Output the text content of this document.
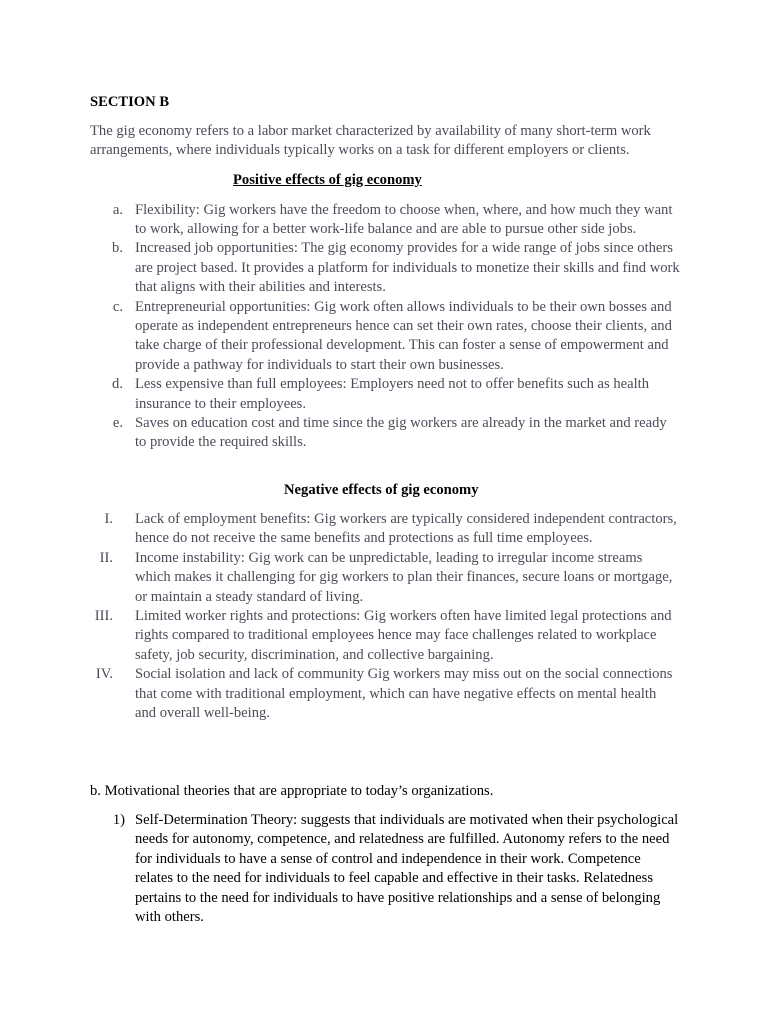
SECTION B

The gig economy refers to a labor market characterized by availability of many short-term work arrangements, where individuals typically works on a task for different employers or clients.

Positive effects of gig economy
a. Flexibility: Gig workers have the freedom to choose when, where, and how much they want to work, allowing for a better work-life balance and are able to pursue other side jobs.
b. Increased job opportunities: The gig economy provides for a wide range of jobs since others are project based. It provides a platform for individuals to monetize their skills and find work that aligns with their abilities and interests.
c. Entrepreneurial opportunities: Gig work often allows individuals to be their own bosses and operate as independent entrepreneurs hence can set their own rates, choose their clients, and take charge of their professional development. This can foster a sense of empowerment and provide a pathway for individuals to start their own businesses.
d. Less expensive than full employees: Employers need not to offer benefits such as health insurance to their employees.
e. Saves on education cost and time since the gig workers are already in the market and ready to provide the required skills.
Negative effects of gig economy
I. Lack of employment benefits: Gig workers are typically considered independent contractors, hence do not receive the same benefits and protections as full time employees.
II. Income instability: Gig work can be unpredictable, leading to irregular income streams which makes it challenging for gig workers to plan their finances, secure loans or mortgage, or maintain a steady standard of living.
III. Limited worker rights and protections: Gig workers often have limited legal protections and rights compared to traditional employees hence may face challenges related to workplace safety, job security, discrimination, and collective bargaining.
IV. Social isolation and lack of community Gig workers may miss out on the social connections that come with traditional employment, which can have negative effects on mental health and overall well-being.
b. Motivational theories that are appropriate to today’s organizations.
1) Self-Determination Theory: suggests that individuals are motivated when their psychological needs for autonomy, competence, and relatedness are fulfilled. Autonomy refers to the need for individuals to have a sense of control and independence in their work. Competence relates to the need for individuals to feel capable and effective in their tasks. Relatedness pertains to the need for individuals to have positive relationships and a sense of belonging with others.
